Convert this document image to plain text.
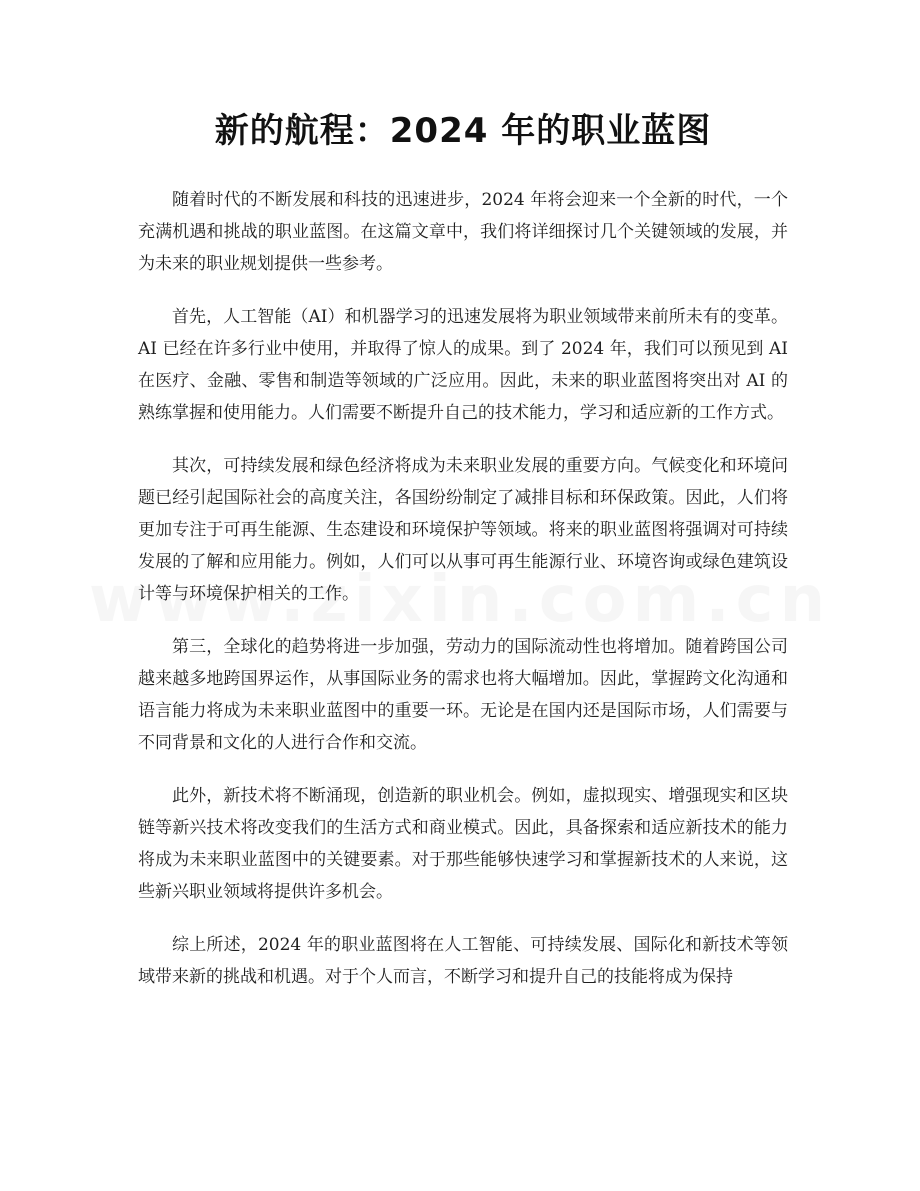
新的航程：2024 年的职业蓝图

随着时代的不断发展和科技的迅速进步，2024 年将会迎来一个全新的时代，一个充满机遇和挑战的职业蓝图。在这篇文章中，我们将详细探讨几个关键领域的发展，并为未来的职业规划提供一些参考。

首先，人工智能（AI）和机器学习的迅速发展将为职业领域带来前所未有的变革。AI 已经在许多行业中使用，并取得了惊人的成果。到了 2024 年，我们可以预见到 AI 在医疗、金融、零售和制造等领域的广泛应用。因此，未来的职业蓝图将突出对 AI 的熟练掌握和使用能力。人们需要不断提升自己的技术能力，学习和适应新的工作方式。

其次，可持续发展和绿色经济将成为未来职业发展的重要方向。气候变化和环境问题已经引起国际社会的高度关注，各国纷纷制定了减排目标和环保政策。因此，人们将更加专注于可再生能源、生态建设和环境保护等领域。将来的职业蓝图将强调对可持续发展的了解和应用能力。例如，人们可以从事可再生能源行业、环境咨询或绿色建筑设计等与环境保护相关的工作。

第三，全球化的趋势将进一步加强，劳动力的国际流动性也将增加。随着跨国公司越来越多地跨国界运作，从事国际业务的需求也将大幅增加。因此，掌握跨文化沟通和语言能力将成为未来职业蓝图中的重要一环。无论是在国内还是国际市场，人们需要与不同背景和文化的人进行合作和交流。

此外，新技术将不断涌现，创造新的职业机会。例如，虚拟现实、增强现实和区块链等新兴技术将改变我们的生活方式和商业模式。因此，具备探索和适应新技术的能力将成为未来职业蓝图中的关键要素。对于那些能够快速学习和掌握新技术的人来说，这些新兴职业领域将提供许多机会。

综上所述，2024 年的职业蓝图将在人工智能、可持续发展、国际化和新技术等领域带来新的挑战和机遇。对于个人而言，不断学习和提升自己的技能将成为保持
